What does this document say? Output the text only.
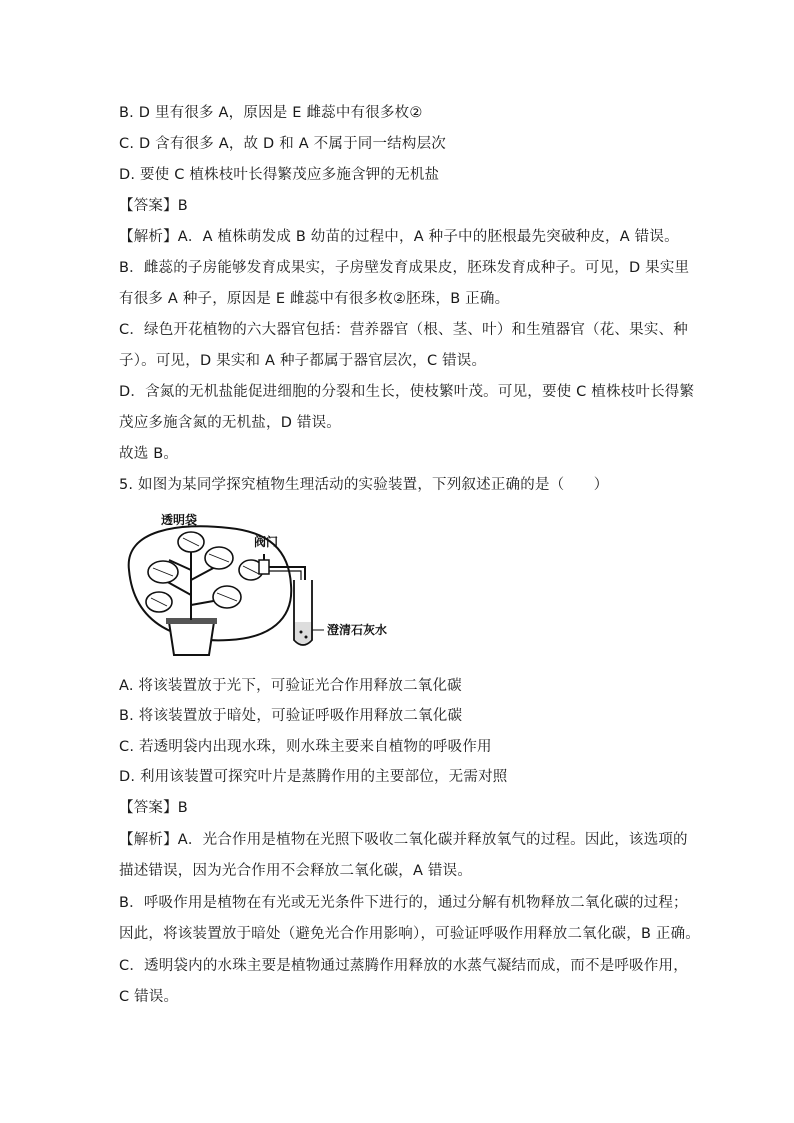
B. D 里有很多 A，原因是 E 雌蕊中有很多枚②
C. D 含有很多 A，故 D 和 A 不属于同一结构层次
D. 要使 C 植株枝叶长得繁茂应多施含钾的无机盐
【答案】B
【解析】A．A 植株萌发成 B 幼苗的过程中，A 种子中的胚根最先突破种皮，A 错误。
B．雌蕊的子房能够发育成果实，子房壁发育成果皮，胚珠发育成种子。可见，D 果实里
有很多 A 种子，原因是 E 雌蕊中有很多枚②胚珠，B 正确。
C．绿色开花植物的六大器官包括：营养器官（根、茎、叶）和生殖器官（花、果实、种
子）。可见，D 果实和 A 种子都属于器官层次，C 错误。
D．含氮的无机盐能促进细胞的分裂和生长，使枝繁叶茂。可见，要使 C 植株枝叶长得繁
茂应多施含氮的无机盐，D 错误。
故选 B。
5. 如图为某同学探究植物生理活动的实验装置，下列叙述正确的是（　　）
透明袋
阀门
澄清石灰水
A. 将该装置放于光下，可验证光合作用释放二氧化碳
B. 将该装置放于暗处，可验证呼吸作用释放二氧化碳
C. 若透明袋内出现水珠，则水珠主要来自植物的呼吸作用
D. 利用该装置可探究叶片是蒸腾作用的主要部位，无需对照
【答案】B
【解析】A．光合作用是植物在光照下吸收二氧化碳并释放氧气的过程。因此，该选项的
描述错误，因为光合作用不会释放二氧化碳，A 错误。
B．呼吸作用是植物在有光或无光条件下进行的，通过分解有机物释放二氧化碳的过程；
因此，将该装置放于暗处（避免光合作用影响），可验证呼吸作用释放二氧化碳，B 正确。
C．透明袋内的水珠主要是植物通过蒸腾作用释放的水蒸气凝结而成，而不是呼吸作用，
C 错误。
